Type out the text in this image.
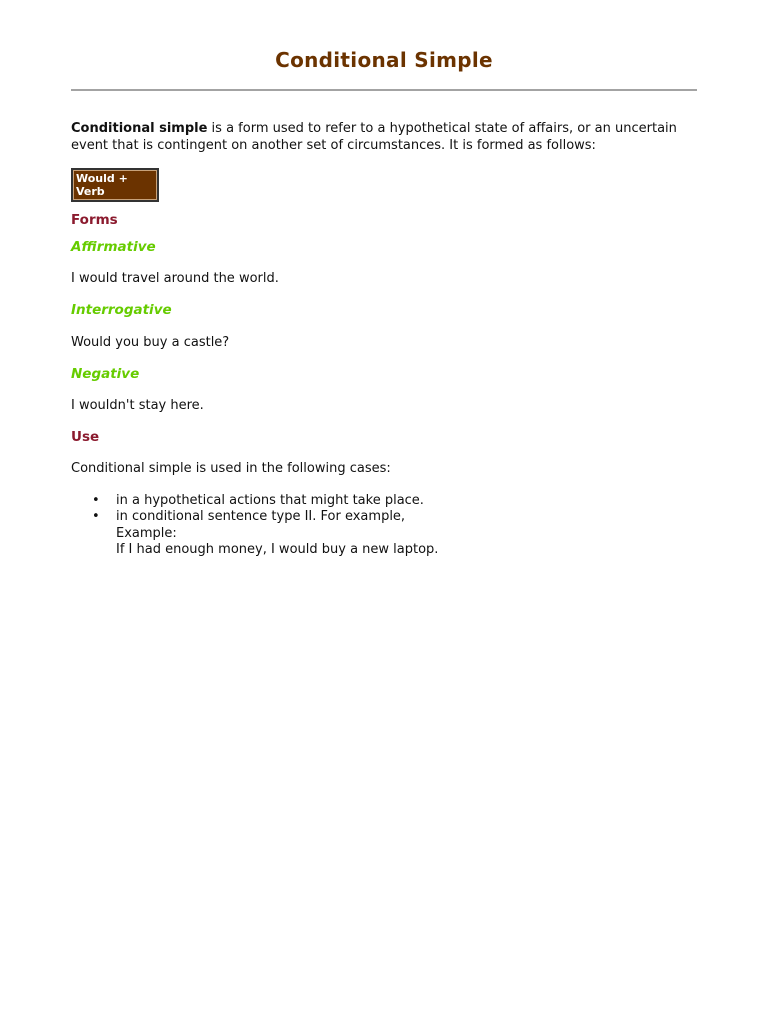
Conditional Simple

Conditional simple is a form used to refer to a hypothetical state of affairs, or an uncertain event that is contingent on another set of circumstances. It is formed as follows:

Would + Verb
Forms
Affirmative

I would travel around the world.

Interrogative

Would you buy a castle?

Negative

I wouldn't stay here.

Use

Conditional simple is used in the following cases:

• in a hypothetical actions that might take place.
• in conditional sentence type II. For example,
Example:
If I had enough money, I would buy a new laptop.
